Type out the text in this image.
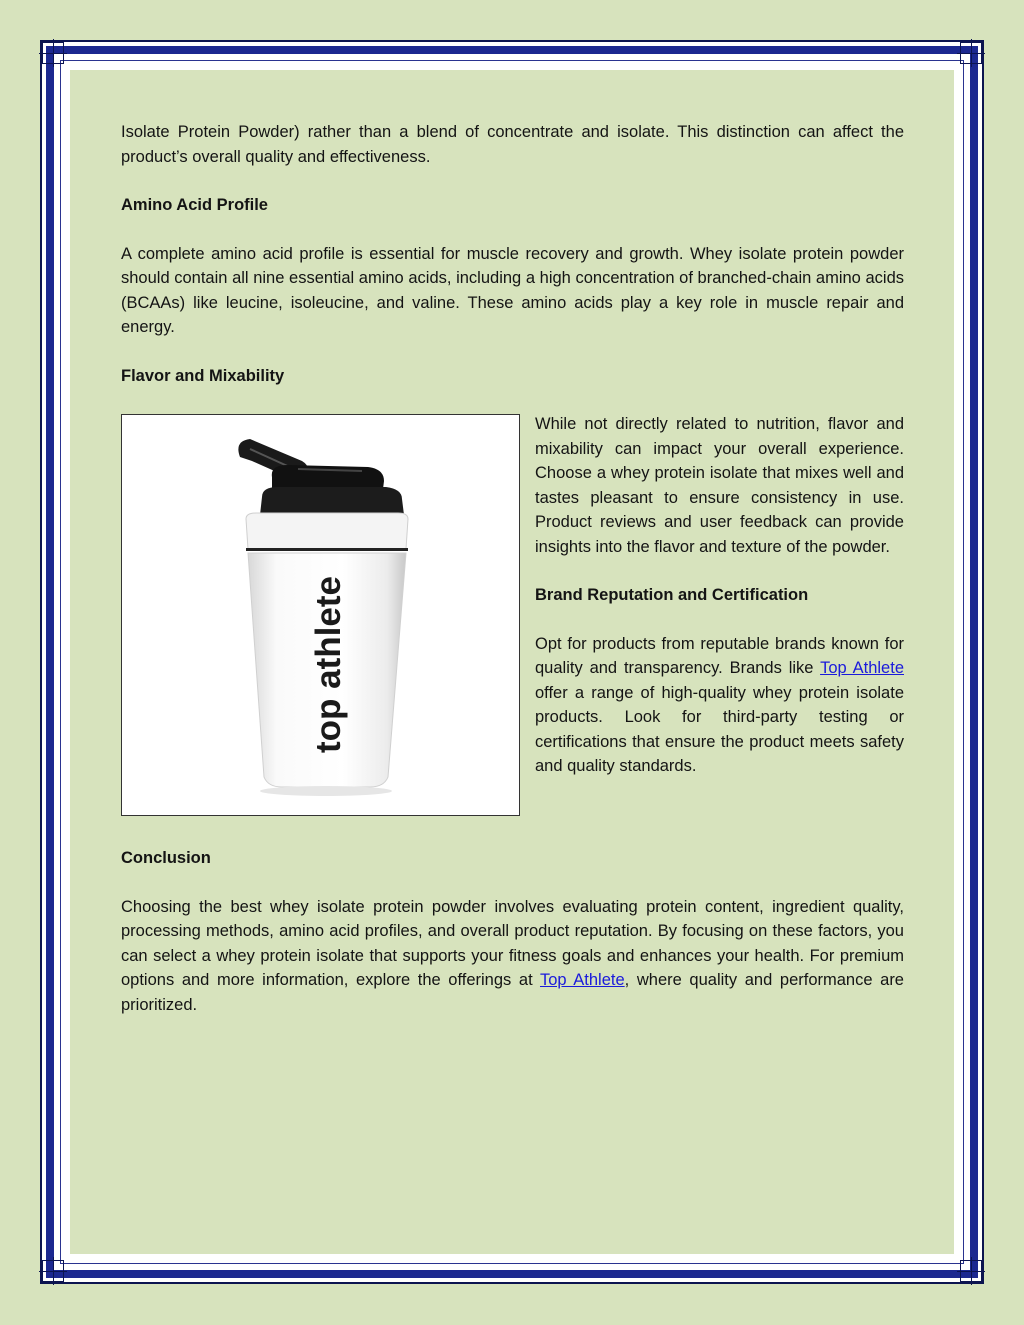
Isolate Protein Powder) rather than a blend of concentrate and isolate. This distinction can affect the product’s overall quality and effectiveness.

Amino Acid Profile

A complete amino acid profile is essential for muscle recovery and growth. Whey isolate protein powder should contain all nine essential amino acids, including a high concentration of branched-chain amino acids (BCAAs) like leucine, isoleucine, and valine. These amino acids play a key role in muscle repair and energy.

Flavor and Mixability
top athlete

While not directly related to nutrition, flavor and mixability can impact your overall experience. Choose a whey protein isolate that mixes well and tastes pleasant to ensure consistency in use. Product reviews and user feedback can provide insights into the flavor and texture of the powder.

Brand Reputation and Certification

Opt for products from reputable brands known for quality and transparency. Brands like Top Athlete offer a range of high-quality whey protein isolate products. Look for third-party testing or certifications that ensure the product meets safety and quality standards.

Conclusion

Choosing the best whey isolate protein powder involves evaluating protein content, ingredient quality, processing methods, amino acid profiles, and overall product reputation. By focusing on these factors, you can select a whey protein isolate that supports your fitness goals and enhances your health. For premium options and more information, explore the offerings at Top Athlete, where quality and performance are prioritized.
